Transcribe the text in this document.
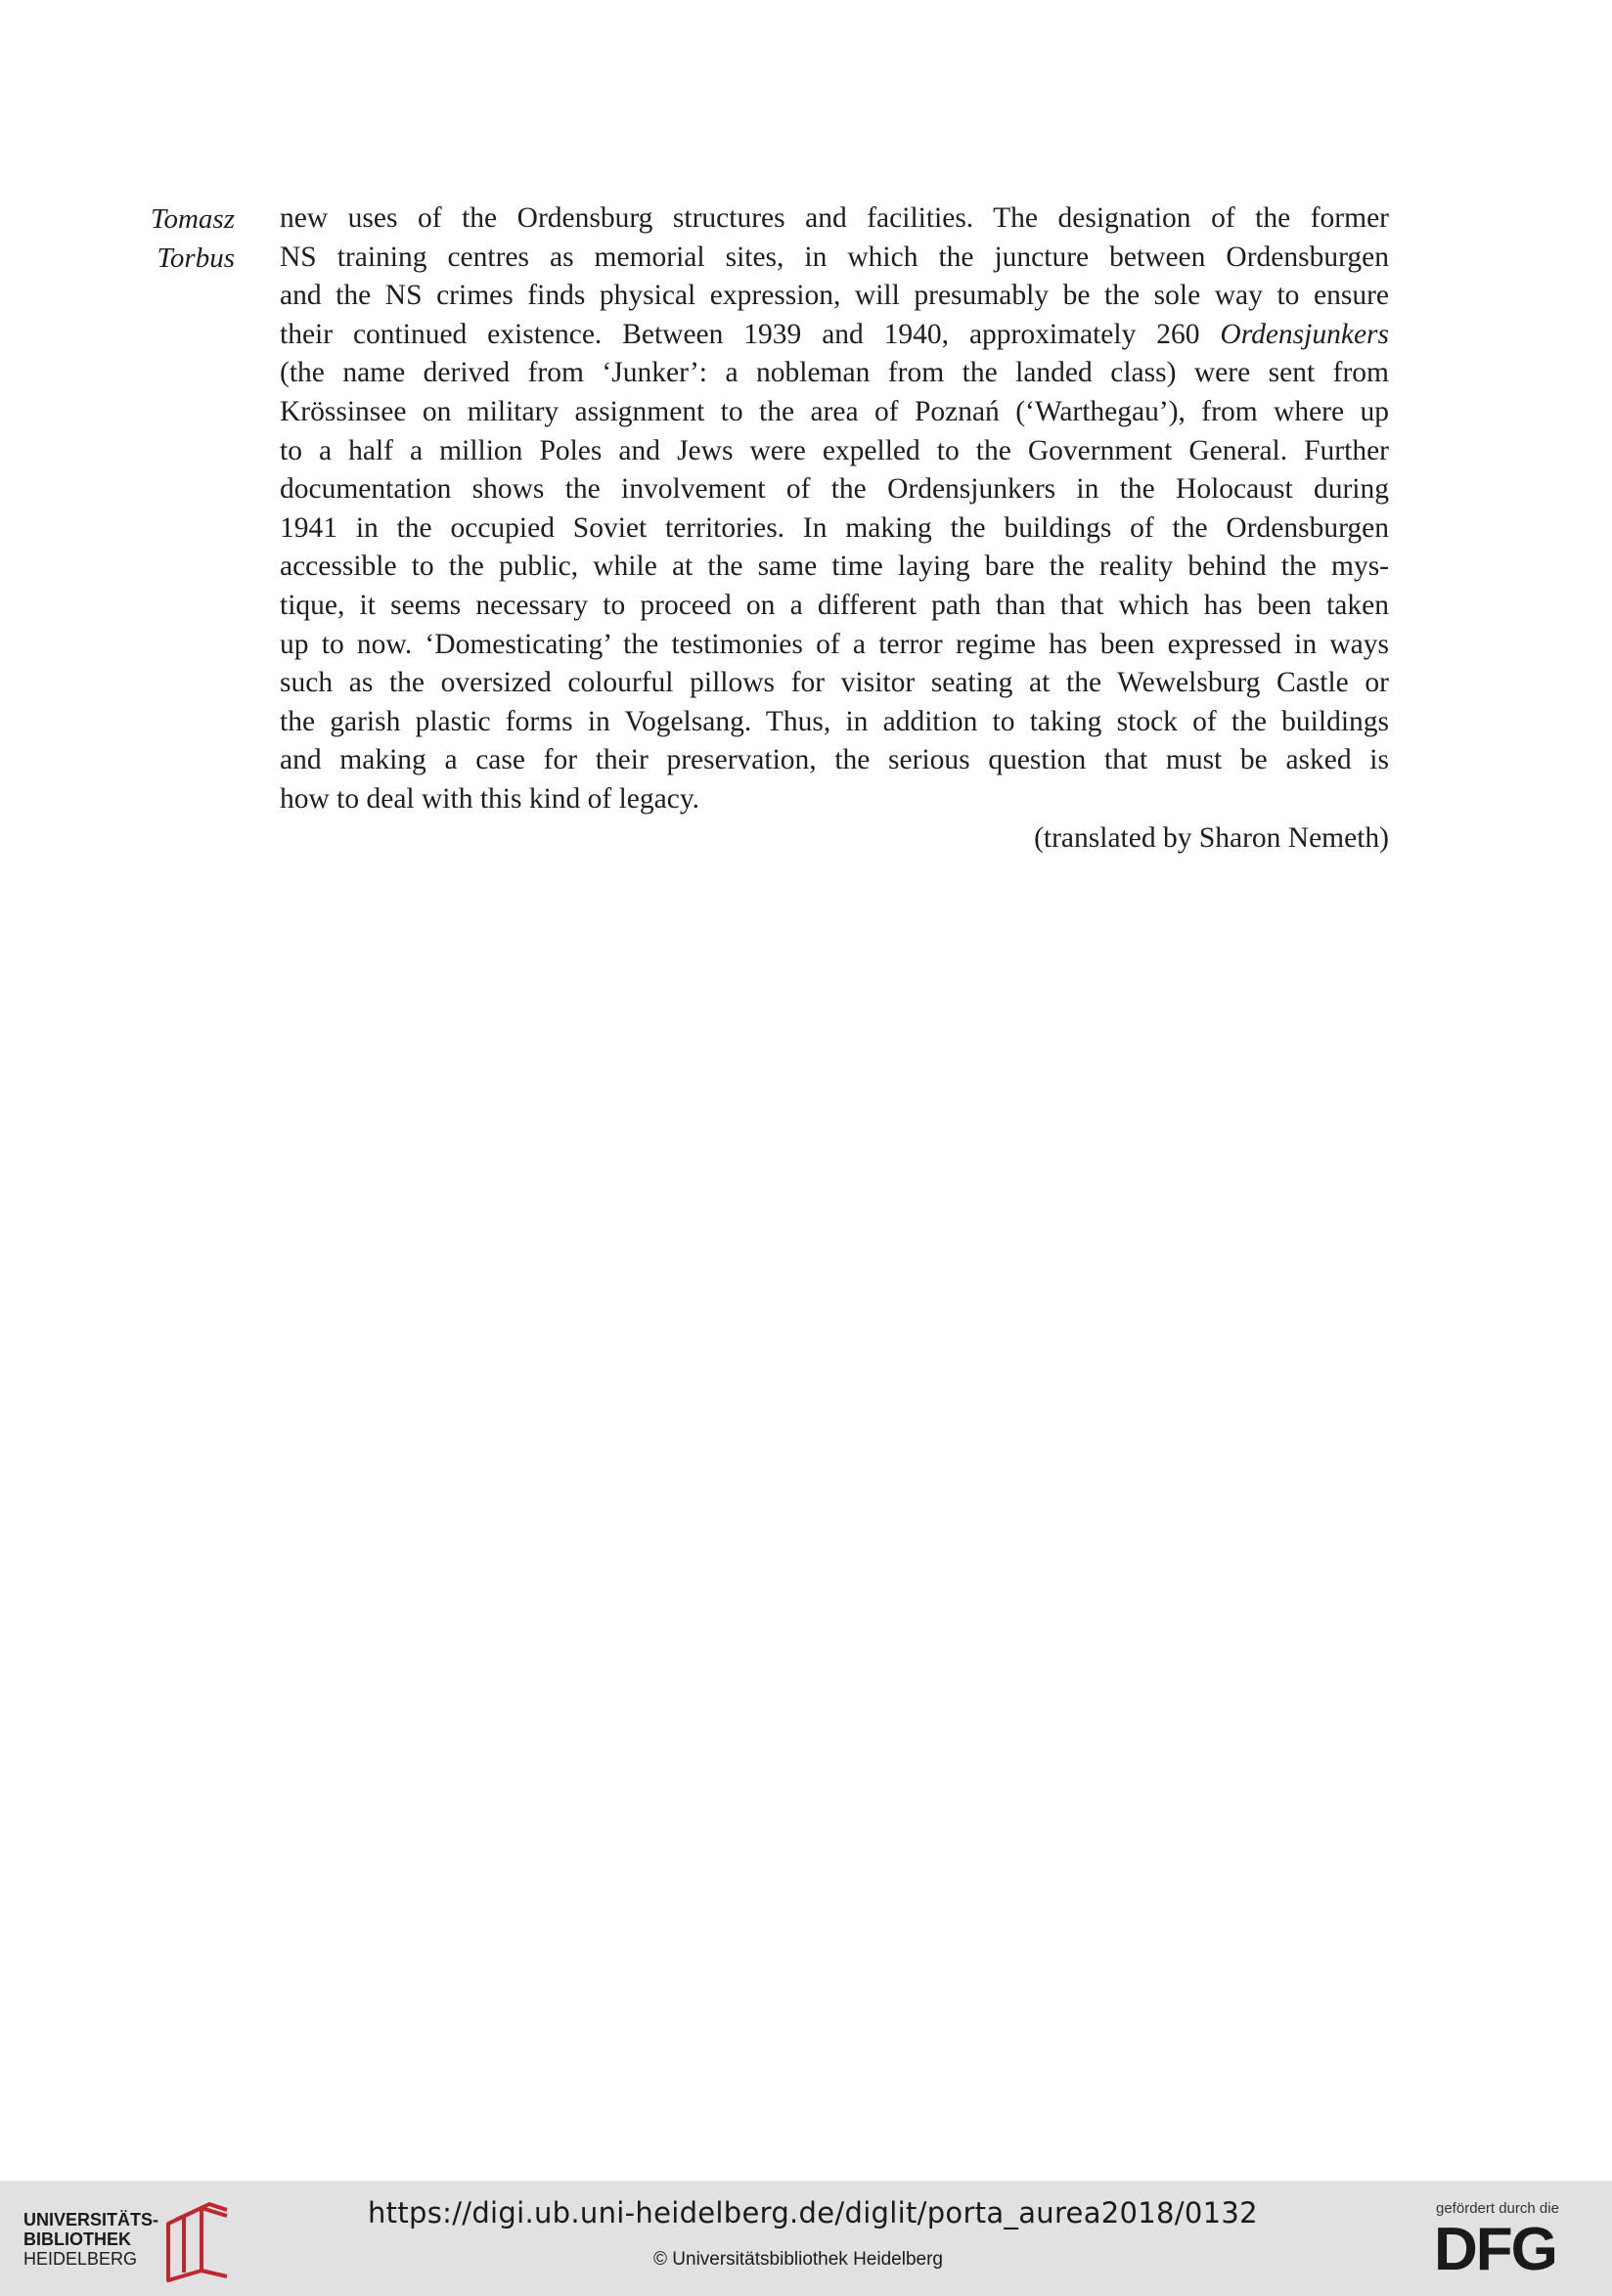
Tomasz
Torbus
new uses of the Ordensburg structures and facilities. The designation of the former
NS training centres as memorial sites, in which the juncture between Ordensburgen
and the NS crimes finds physical expression, will presumably be the sole way to ensure
their continued existence. Between 1939 and 1940, approximately 260 Ordensjunkers
(the name derived from ‘Junker’: a nobleman from the landed class) were sent from
Krössinsee on military assignment to the area of Poznań (‘Warthegau’), from where up
to a half a million Poles and Jews were expelled to the Government General. Further
documentation shows the involvement of the Ordensjunkers in the Holocaust during
1941 in the occupied Soviet territories. In making the buildings of the Ordensburgen
accessible to the public, while at the same time laying bare the reality behind the mys-
tique, it seems necessary to proceed on a different path than that which has been taken
up to now. ‘Domesticating’ the testimonies of a terror regime has been expressed in ways
such as the oversized colourful pillows for visitor seating at the Wewelsburg Castle or
the garish plastic forms in Vogelsang. Thus, in addition to taking stock of the buildings
and making a case for their preservation, the serious question that must be asked is
how to deal with this kind of legacy.
(translated by Sharon Nemeth)
UNIVERSITÄTS-
BIBLIOTHEK
HEIDELBERG
https://digi.ub.uni-heidelberg.de/diglit/porta_aurea2018/0132
© Universitätsbibliothek Heidelberg
gefördert durch die
DFG
